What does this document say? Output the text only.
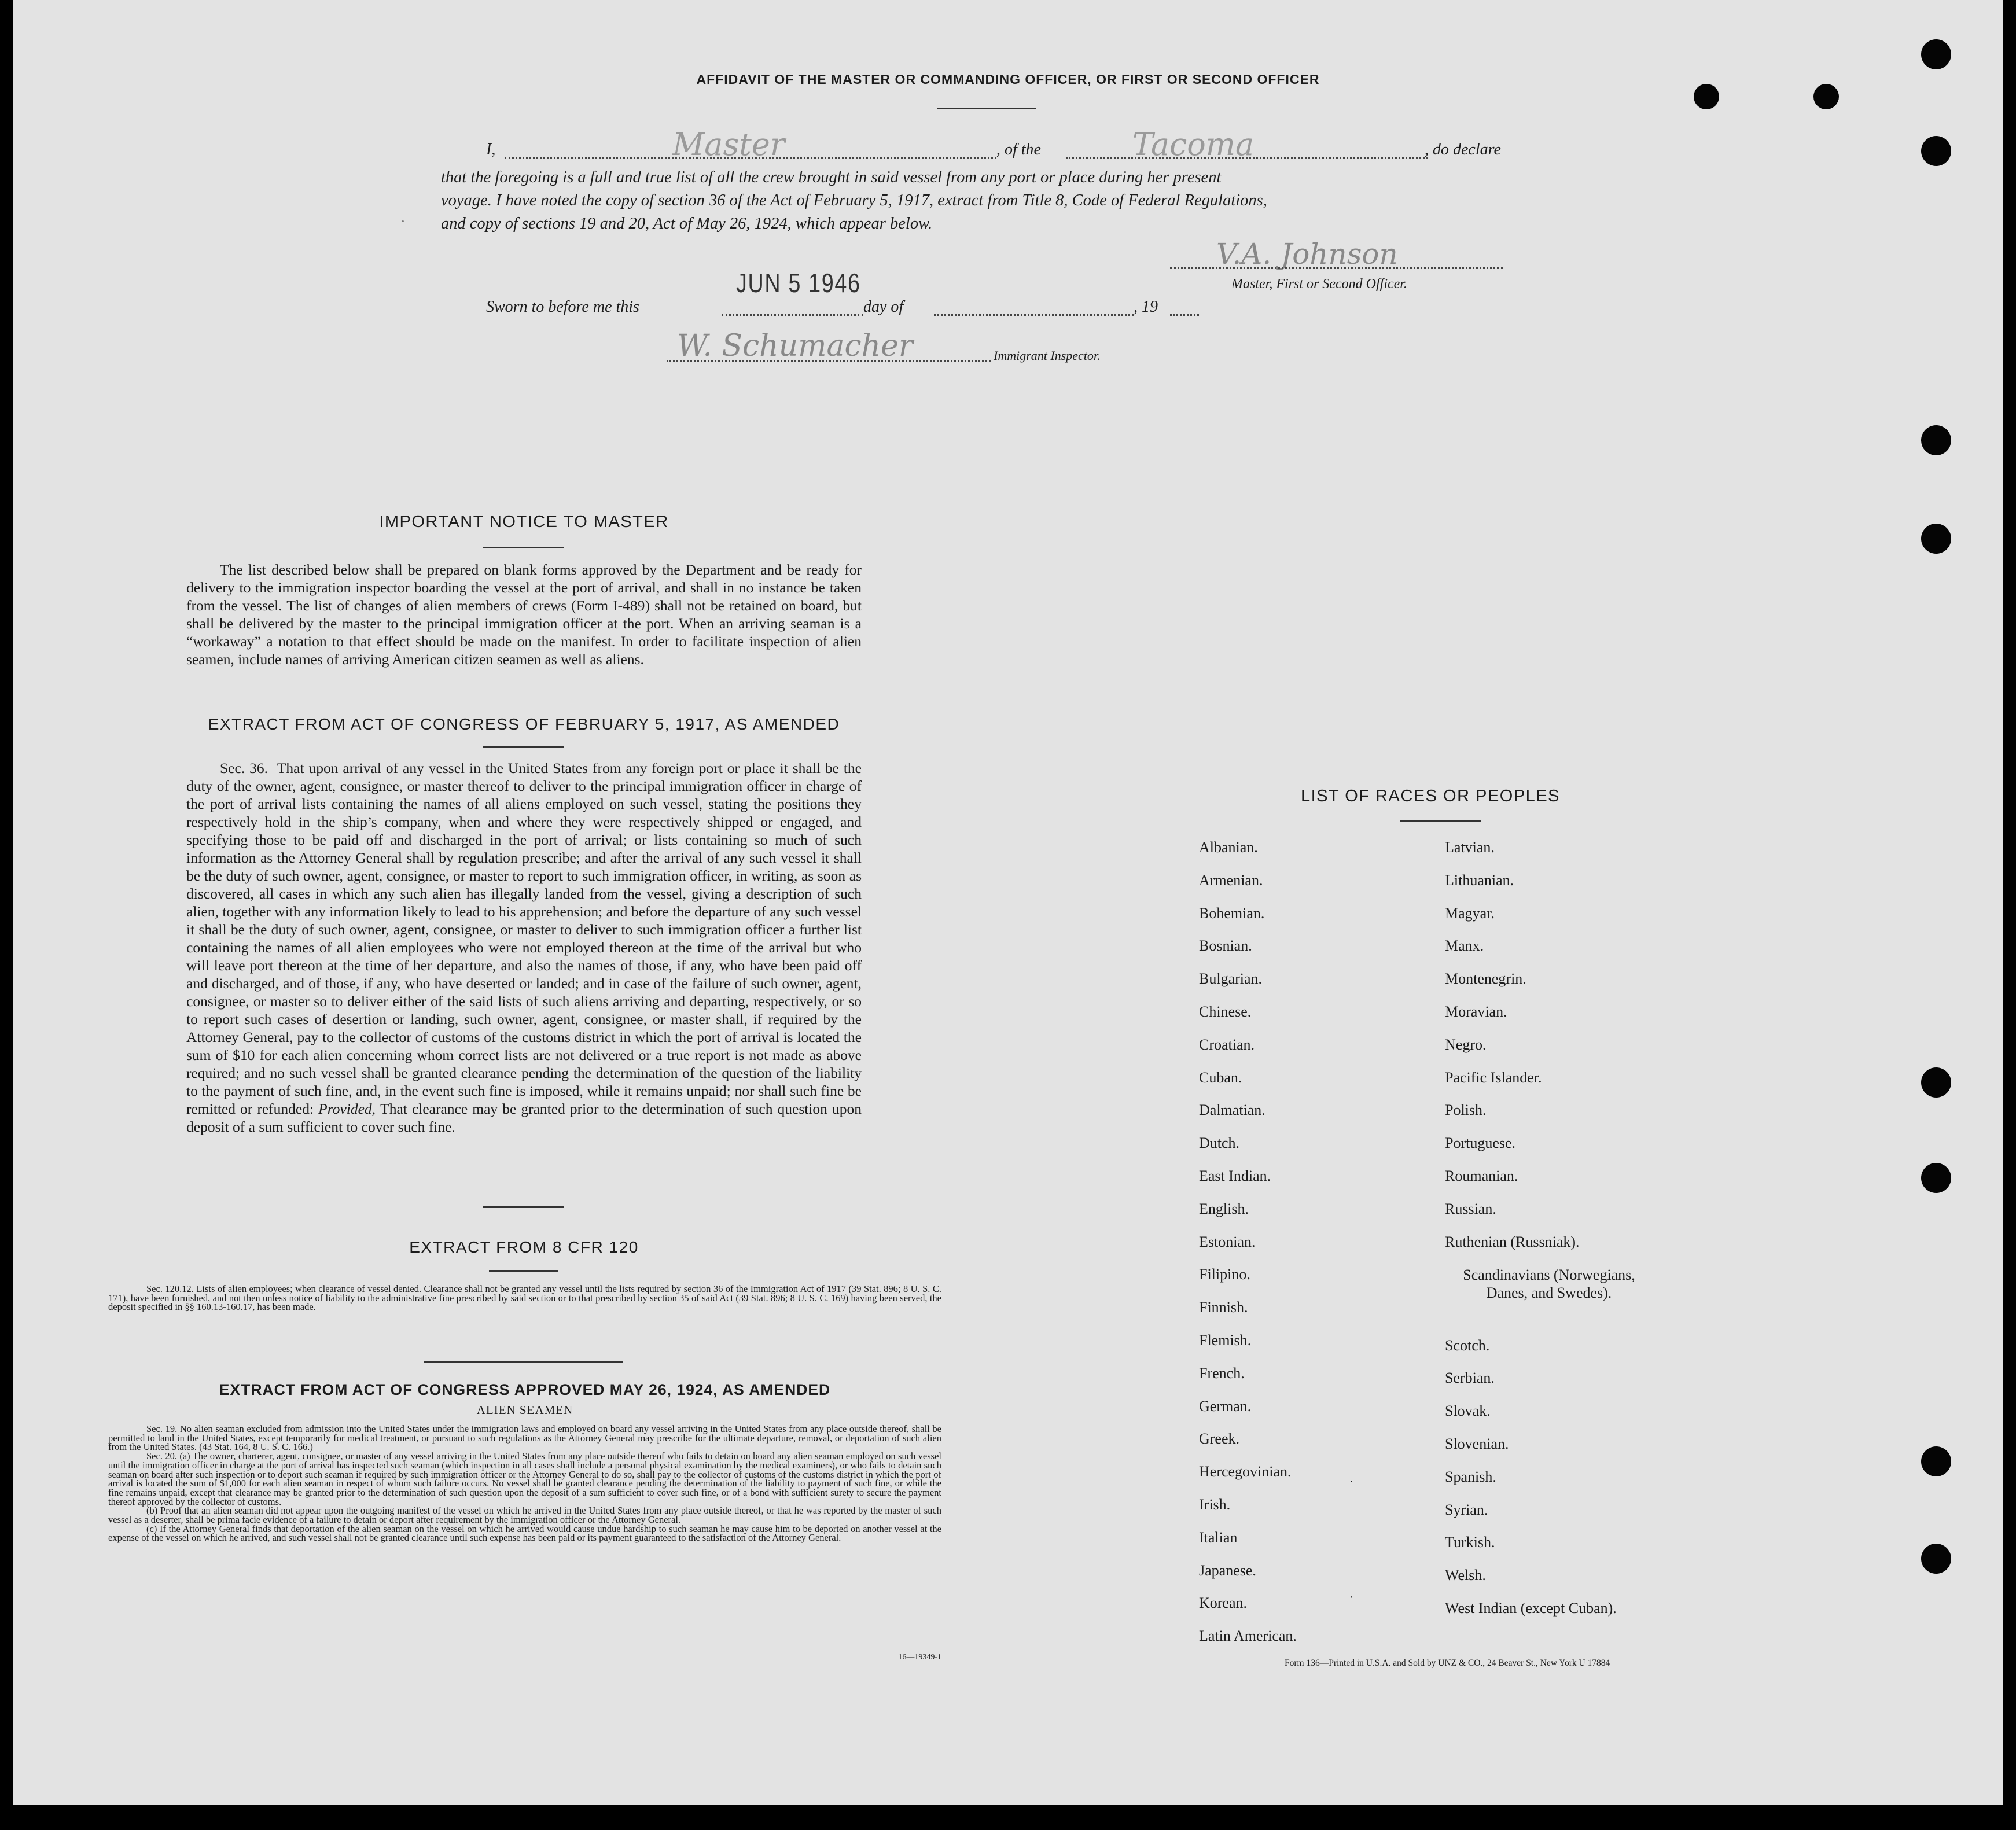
AFFIDAVIT OF THE MASTER OR COMMANDING OFFICER, OR FIRST OR SECOND OFFICER
I,	Master	, of the	Tacoma	, do declare
that the foregoing is a full and true list of all the crew brought in said vessel from any port or place during her present
voyage. I have noted the copy of section 36 of the Act of February 5, 1917, extract from Title 8, Code of Federal Regulations,
and copy of sections 19 and 20, Act of May 26, 1924, which appear below.
·
V.A. Johnson
Master, First or Second Officer.
JUN 5 1946
Sworn to before me this	day of	, 19
W. Schumacher	Immigrant Inspector.
IMPORTANT NOTICE TO MASTER

The list described below shall be prepared on blank forms approved by the Department and be ready for delivery to the immigration inspector boarding the vessel at the port of arrival, and shall in no instance be taken from the vessel. The list of changes of alien members of crews (Form I-489) shall not be retained on board, but shall be delivered by the master to the principal immigration officer at the port. When an arriving seaman is a “workaway” a notation to that effect should be made on the manifest. In order to facilitate inspection of alien seamen, include names of arriving American citizen seamen as well as aliens.

EXTRACT FROM ACT OF CONGRESS OF FEBRUARY 5, 1917, AS AMENDED

Sec. 36. That upon arrival of any vessel in the United States from any foreign port or place it shall be the duty of the owner, agent, consignee, or master thereof to deliver to the principal immigration officer in charge of the port of arrival lists containing the names of all aliens employed on such vessel, stating the positions they respectively hold in the ship’s company, when and where they were respectively shipped or engaged, and specifying those to be paid off and discharged in the port of arrival; or lists containing so much of such information as the Attorney General shall by regulation prescribe; and after the arrival of any such vessel it shall be the duty of such owner, agent, consignee, or master to report to such immigration officer, in writing, as soon as discovered, all cases in which any such alien has illegally landed from the vessel, giving a description of such alien, together with any information likely to lead to his apprehension; and before the departure of any such vessel it shall be the duty of such owner, agent, consignee, or master to deliver to such immigration officer a further list containing the names of all alien employees who were not employed thereon at the time of the arrival but who will leave port thereon at the time of her departure, and also the names of those, if any, who have been paid off and discharged, and of those, if any, who have deserted or landed; and in case of the failure of such owner, agent, consignee, or master so to deliver either of the said lists of such aliens arriving and departing, respectively, or so to report such cases of desertion or landing, such owner, agent, consignee, or master shall, if required by the Attorney General, pay to the collector of customs of the customs district in which the port of arrival is located the sum of $10 for each alien concerning whom correct lists are not delivered or a true report is not made as above required; and no such vessel shall be granted clearance pending the determination of the question of the liability to the payment of such fine, and, in the event such fine is imposed, while it remains unpaid; nor shall such fine be remitted or refunded: Provided, That clearance may be granted prior to the determination of such question upon deposit of a sum sufficient to cover such fine.

EXTRACT FROM 8 CFR 120

Sec. 120.12. Lists of alien employees; when clearance of vessel denied. Clearance shall not be granted any vessel until the lists required by section 36 of the Immigration Act of 1917 (39 Stat. 896; 8 U. S. C. 171), have been furnished, and not then unless notice of liability to the administrative fine prescribed by said section or to that prescribed by section 35 of said Act (39 Stat. 896; 8 U. S. C. 169) having been served, the deposit specified in §§ 160.13-160.17, has been made.

EXTRACT FROM ACT OF CONGRESS APPROVED MAY 26, 1924, AS AMENDED
ALIEN SEAMEN

Sec. 19. No alien seaman excluded from admission into the United States under the immigration laws and employed on board any vessel arriving in the United States from any place outside thereof, shall be permitted to land in the United States, except temporarily for medical treatment, or pursuant to such regulations as the Attorney General may prescribe for the ultimate departure, removal, or deportation of such alien from the United States. (43 Stat. 164, 8 U. S. C. 166.)

Sec. 20. (a) The owner, charterer, agent, consignee, or master of any vessel arriving in the United States from any place outside thereof who fails to detain on board any alien seaman employed on such vessel until the immigration officer in charge at the port of arrival has inspected such seaman (which inspection in all cases shall include a personal physical examination by the medical examiners), or who fails to detain such seaman on board after such inspection or to deport such seaman if required by such immigration officer or the Attorney General to do so, shall pay to the collector of customs of the customs district in which the port of arrival is located the sum of $1,000 for each alien seaman in respect of whom such failure occurs. No vessel shall be granted clearance pending the determination of the liability to payment of such fine, or while the fine remains unpaid, except that clearance may be granted prior to the determination of such question upon the deposit of a sum sufficient to cover such fine, or of a bond with sufficient surety to secure the payment thereof approved by the collector of customs.

(b) Proof that an alien seaman did not appear upon the outgoing manifest of the vessel on which he arrived in the United States from any place outside thereof, or that he was reported by the master of such vessel as a deserter, shall be prima facie evidence of a failure to detain or deport after requirement by the immigration officer or the Attorney General.

(c) If the Attorney General finds that deportation of the alien seaman on the vessel on which he arrived would cause undue hardship to such seaman he may cause him to be deported on another vessel at the expense of the vessel on which he arrived, and such vessel shall not be granted clearance until such expense has been paid or its payment guaranteed to the satisfaction of the Attorney General.

16—19349-1
LIST OF RACES OR PEOPLES
Albanian.
Armenian.
Bohemian.
Bosnian.
Bulgarian.
Chinese.
Croatian.
Cuban.
Dalmatian.
Dutch.
East Indian.
English.
Estonian.
Filipino.
Finnish.
Flemish.
French.
German.
Greek.
Hercegovinian.
Irish.
Italian
Japanese.
Korean.
Latin American.
Latvian.
Lithuanian.
Magyar.
Manx.
Montenegrin.
Moravian.
Negro.
Pacific Islander.
Polish.
Portuguese.
Roumanian.
Russian.
Ruthenian (Russniak).
Scandinavians (Norwegians, Danes, and Swedes).
Scotch.
Serbian.
Slovak.
Slovenian.
Spanish.
Syrian.
Turkish.
Welsh.
West Indian (except Cuban).
·
·
Form 136—Printed in U.S.A. and Sold by UNZ & CO., 24 Beaver St., New York U 17884
